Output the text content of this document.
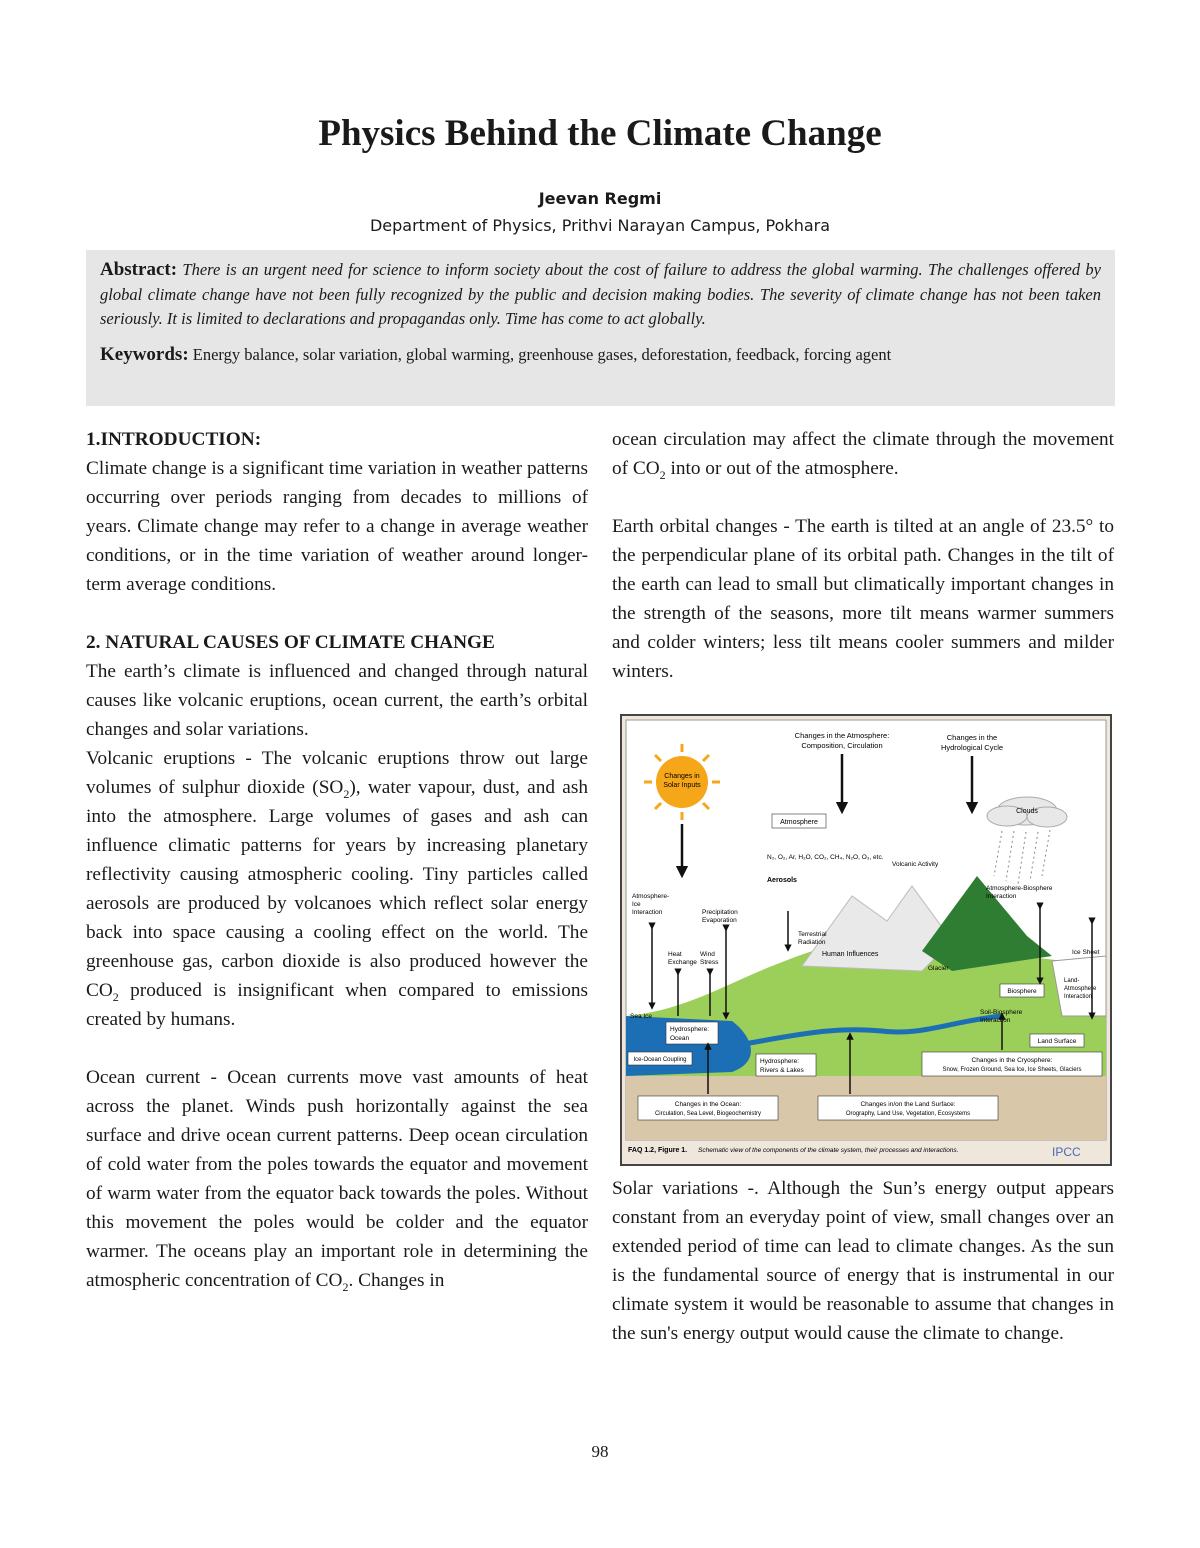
Physics Behind the Climate Change
Jeevan Regmi
Department of Physics, Prithvi Narayan Campus, Pokhara
Abstract: There is an urgent need for science to inform society about the cost of failure to address the global warming. The challenges offered by global climate change have not been fully recognized by the public and decision making bodies. The severity of climate change has not been taken seriously. It is limited to declarations and propagandas only. Time has come to act globally.
Keywords: Energy balance, solar variation, global warming, greenhouse gases, deforestation, feedback, forcing agent

1.INTRODUCTION:

Climate change is a significant time variation in weather patterns occurring over periods ranging from decades to millions of years. Climate change may refer to a change in average weather conditions, or in the time variation of weather around longer-term average conditions.

2. NATURAL CAUSES OF CLIMATE CHANGE

The earth’s climate is influenced and changed through natural causes like volcanic eruptions, ocean current, the earth’s orbital changes and solar variations.

Volcanic eruptions - The volcanic eruptions throw out large volumes of sulphur dioxide $(SO_2)$, water vapour, dust, and ash into the atmosphere. Large volumes of gases and ash can influence climatic patterns for years by increasing planetary reflectivity causing atmospheric cooling. Tiny particles called aerosols are produced by volcanoes which reflect solar energy back into space causing a cooling effect on the world. The greenhouse gas, carbon dioxide is also produced however the $CO_2$ produced is insignificant when compared to emissions created by humans.

Ocean current - Ocean currents move vast amounts of heat across the planet. Winds push horizontally against the sea surface and drive ocean current patterns. Deep ocean circulation of cold water from the poles towards the equator and movement of warm water from the equator back towards the poles. Without this movement the poles would be colder and the equator warmer. The oceans play an important role in determining the atmospheric concentration of $CO_2$. Changes in

ocean circulation may affect the climate through the movement of $CO_2$ into or out of the atmosphere.

Earth orbital changes - The earth is tilted at an angle of 23.5° to the perpendicular plane of its orbital path. Changes in the tilt of the earth can lead to small but climatically important changes in the strength of the seasons, more tilt means warmer summers and colder winters; less tilt means cooler summers and milder winters.

Changes in
Solar Inputs
Changes in the Atmosphere:
Composition, Circulation
Changes in the
Hydrological Cycle
Atmosphere
Clouds
N₂, O₂, Ar, H₂O, CO₂, CH₄, N₂O, O₃, etc.
Aerosols
Volcanic Activity
Atmosphere-
Ice
Interaction	Precipitation
Evaporation
Terrestrial
Radiation
Atmosphere-Biosphere
Interaction
Heat
Exchange
Wind
Stress
Human Influences
Glacier
Ice Sheet
Biosphere
Land-
Atmosphere
Interaction
Sea Ice
Hydrosphere:
Ocean
Soil-Biosphere
Interaction
Land Surface
Ice-Ocean Coupling	Hydrosphere:
Rivers & Lakes
Changes in the Cryosphere:
Snow, Frozen Ground, Sea Ice, Ice Sheets, Glaciers
Changes in the Ocean:
Circulation, Sea Level, Biogeochemistry
Changes in/on the Land Surface:
Orography, Land Use, Vegetation, Ecosystems
FAQ 1.2, Figure 1. Schematic view of the components of the climate system, their processes and interactions.	IPCC

Solar variations -. Although the Sun’s energy output appears constant from an everyday point of view, small changes over an extended period of time can lead to climate changes. As the sun is the fundamental source of energy that is instrumental in our climate system it would be reasonable to assume that changes in the sun's energy output would cause the climate to change.

98
